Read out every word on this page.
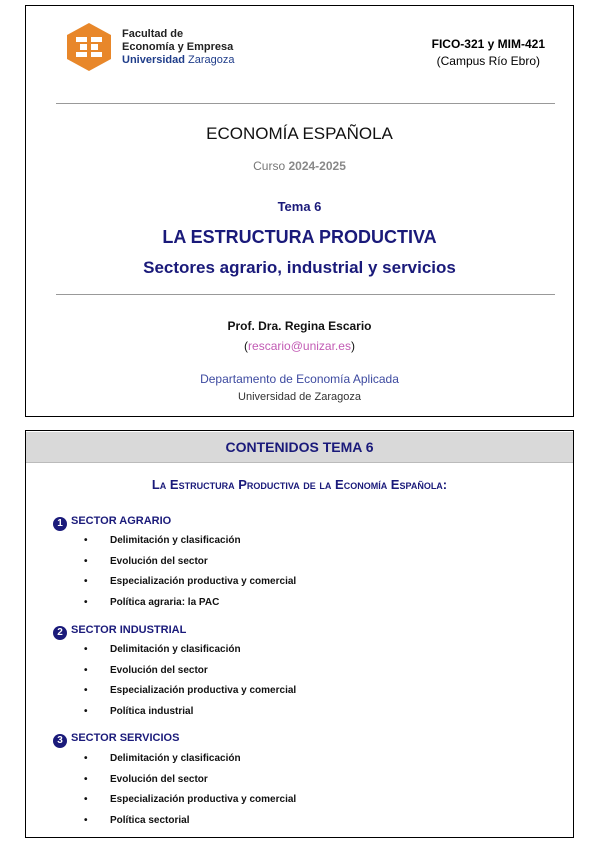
Facultad de
Economía y Empresa
Universidad Zaragoza
FICO-321 y MIM-421
(Campus Río Ebro)
ECONOMÍA ESPAÑOLA
Curso 2024-2025
Tema 6
LA ESTRUCTURA PRODUCTIVA
Sectores agrario, industrial y servicios
Prof. Dra. Regina Escario
(rescario@unizar.es)
Departamento de Economía Aplicada
Universidad de Zaragoza
CONTENIDOS TEMA 6
La Estructura Productiva de la Economía Española:
1 SECTOR AGRARIO
• Delimitación y clasificación
• Evolución del sector
• Especialización productiva y comercial
• Política agraria: la PAC
2 SECTOR INDUSTRIAL
• Delimitación y clasificación
• Evolución del sector
• Especialización productiva y comercial
• Política industrial
3 SECTOR SERVICIOS
• Delimitación y clasificación
• Evolución del sector
• Especialización productiva y comercial
• Política sectorial
